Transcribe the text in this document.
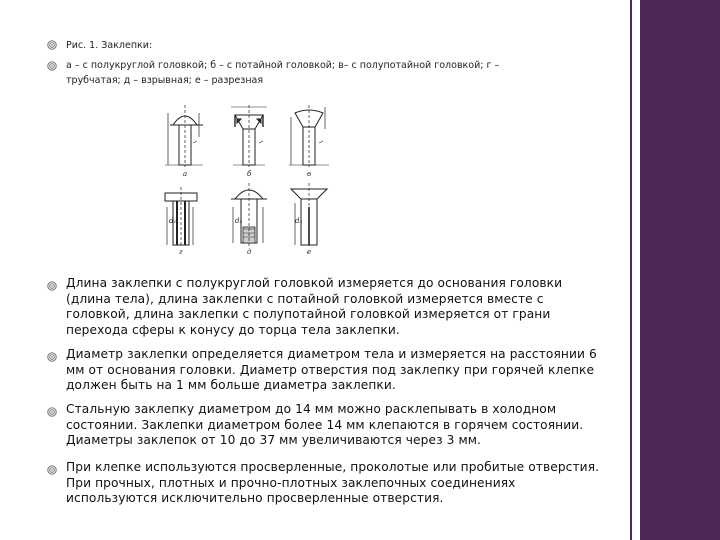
Рис. 1. Заклепки:
а – с полукруглой головкой; б – с потайной головкой; в– с полупотайной головкой; г –
трубчатая; д – взрывная; е – разрезная
а	б	в
г	д	е
d₁	d₂	d₃
Длина заклепки с полукруглой головкой измеряется до основания головки
(длина тела), длина заклепки с потайной головкой измеряется вместе с
головкой, длина заклепки с полупотайной головкой измеряется от грани
перехода сферы к конусу до торца тела заклепки.
Диаметр заклепки определяется диаметром тела и измеряется на расстоянии 6
мм от основания головки. Диаметр отверстия под заклепку при горячей клепке
должен быть на 1 мм больше диаметра заклепки.
Стальную заклепку диаметром до 14 мм можно расклепывать в холодном
состоянии. Заклепки диаметром более 14 мм клепаются в горячем состоянии.
Диаметры заклепок от 10 до 37 мм увеличиваются через 3 мм.
При клепке используются просверленные, проколотые или пробитые отверстия.
При прочных, плотных и прочно-плотных заклепочных соединениях
используются исключительно просверленные отверстия.
